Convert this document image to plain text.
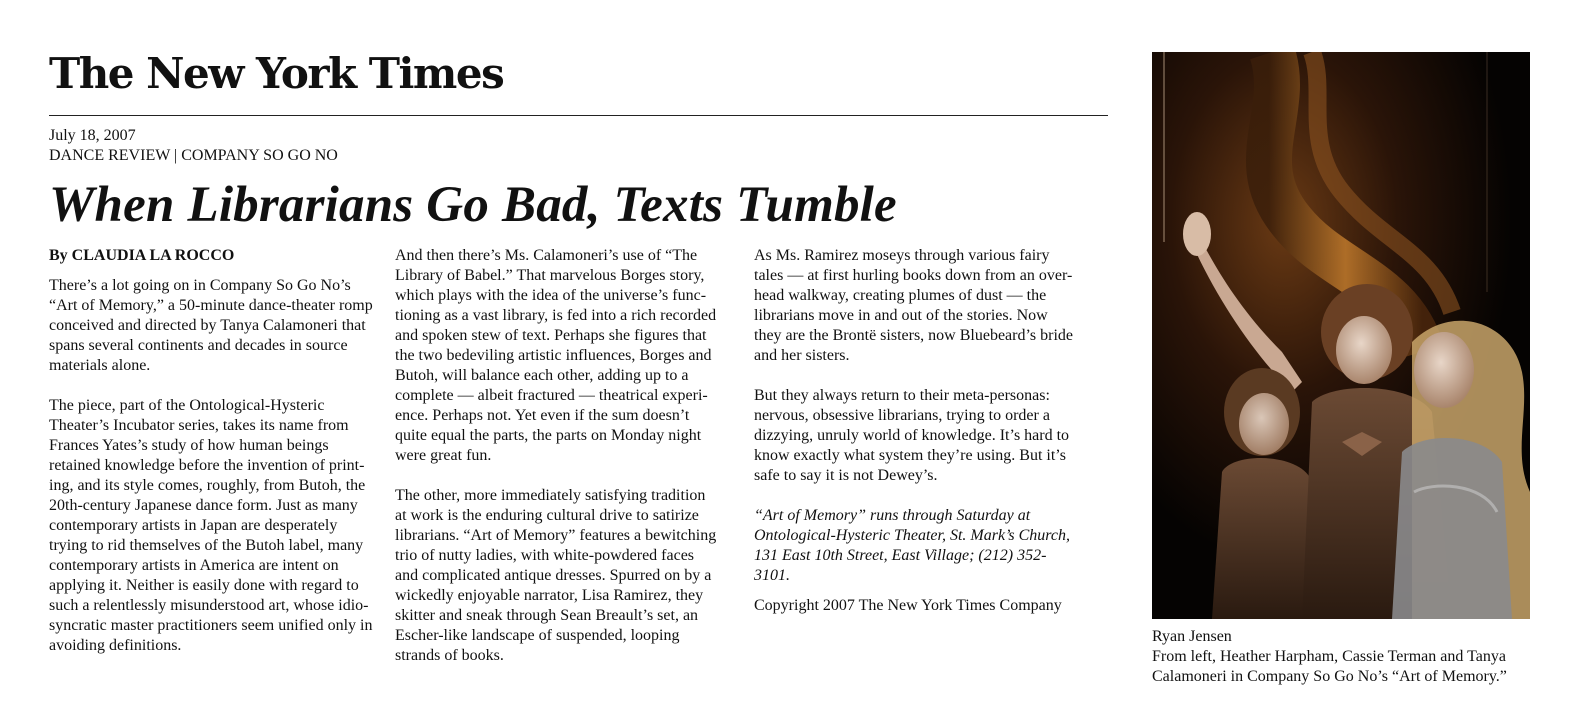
The New York Times
July 18, 2007
DANCE REVIEW | COMPANY SO GO NO
When Librarians Go Bad, Texts Tumble
By CLAUDIA LA ROCCO
There’s a lot going on in Company So Go No’s
“Art of Memory,” a 50-minute dance-theater romp
conceived and directed by Tanya Calamoneri that
spans several continents and decades in source
materials alone.
The piece, part of the Ontological-Hysteric
Theater’s Incubator series, takes its name from
Frances Yates’s study of how human beings
retained knowledge before the invention of print-
ing, and its style comes, roughly, from Butoh, the
20th-century Japanese dance form. Just as many
contemporary artists in Japan are desperately
trying to rid themselves of the Butoh label, many
contemporary artists in America are intent on
applying it. Neither is easily done with regard to
such a relentlessly misunderstood art, whose idio-
syncratic master practitioners seem unified only in
avoiding definitions.
And then there’s Ms. Calamoneri’s use of “The
Library of Babel.” That marvelous Borges story,
which plays with the idea of the universe’s func-
tioning as a vast library, is fed into a rich recorded
and spoken stew of text. Perhaps she figures that
the two bedeviling artistic influences, Borges and
Butoh, will balance each other, adding up to a
complete — albeit fractured — theatrical experi-
ence. Perhaps not. Yet even if the sum doesn’t
quite equal the parts, the parts on Monday night
were great fun.
The other, more immediately satisfying tradition
at work is the enduring cultural drive to satirize
librarians. “Art of Memory” features a bewitching
trio of nutty ladies, with white-powdered faces
and complicated antique dresses. Spurred on by a
wickedly enjoyable narrator, Lisa Ramirez, they
skitter and sneak through Sean Breault’s set, an
Escher-like landscape of suspended, looping
strands of books.
As Ms. Ramirez moseys through various fairy
tales — at first hurling books down from an over-
head walkway, creating plumes of dust — the
librarians move in and out of the stories. Now
they are the Brontë sisters, now Bluebeard’s bride
and her sisters.
But they always return to their meta-personas:
nervous, obsessive librarians, trying to order a
dizzying, unruly world of knowledge. It’s hard to
know exactly what system they’re using. But it’s
safe to say it is not Dewey’s.
“Art of Memory” runs through Saturday at
Ontological-Hysteric Theater, St. Mark’s Church,
131 East 10th Street, East Village; (212) 352-
3101.
Copyright 2007 The New York Times Company
Ryan Jensen
From left, Heather Harpham, Cassie Terman and Tanya Calamoneri in Company So Go No’s “Art of Memory.”
